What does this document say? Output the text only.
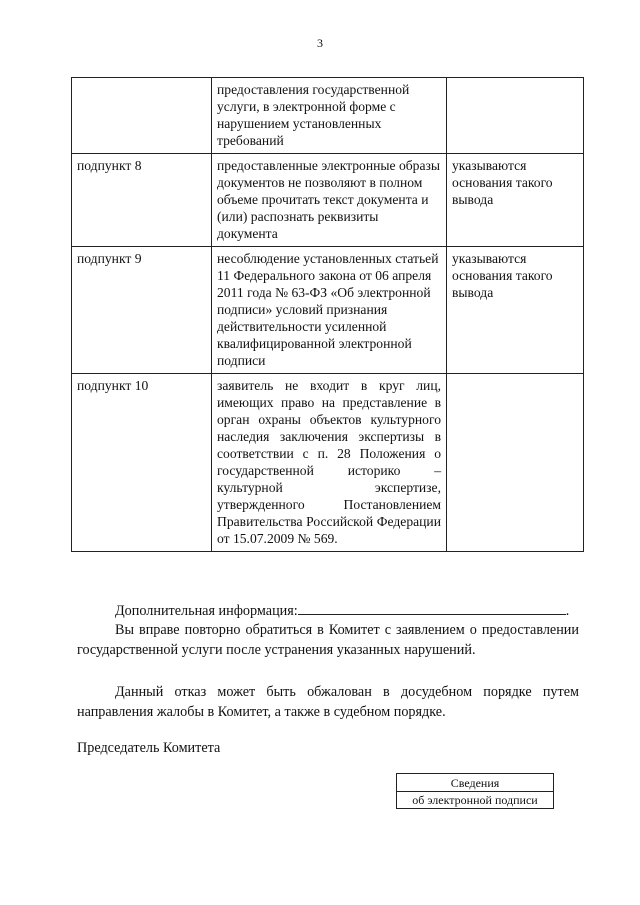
3
	предоставления государственной услуги, в электронной форме с нарушением установленных требований	
подпункт 8	предоставленные электронные образы документов не позволяют в полном объеме прочитать текст документа и (или) распознать реквизиты документа	указываются основания такого вывода
подпункт 9	несоблюдение установленных статьей 11 Федерального закона от 06 апреля 2011 года № 63-ФЗ «Об электронной подписи» условий признания действительности усиленной квалифицированной электронной подписи	указываются основания такого вывода
подпункт 10	заявитель не входит в круг лиц, имеющих право на представление в орган охраны объектов культурного наследия заключения экспертизы в соответствии с п. 28 Положения о государственной историко – культурной экспертизе, утвержденного Постановлением Правительства Российской Федерации от 15.07.2009 № 569.	
Дополнительная информация:	.
Вы вправе повторно обратиться в Комитет с заявлением о предоставлении государственной услуги после устранения указанных нарушений.
Данный отказ может быть обжалован в досудебном порядке путем направления жалобы в Комитет, а также в судебном порядке.
Председатель Комитета
Сведения
об электронной подписи
